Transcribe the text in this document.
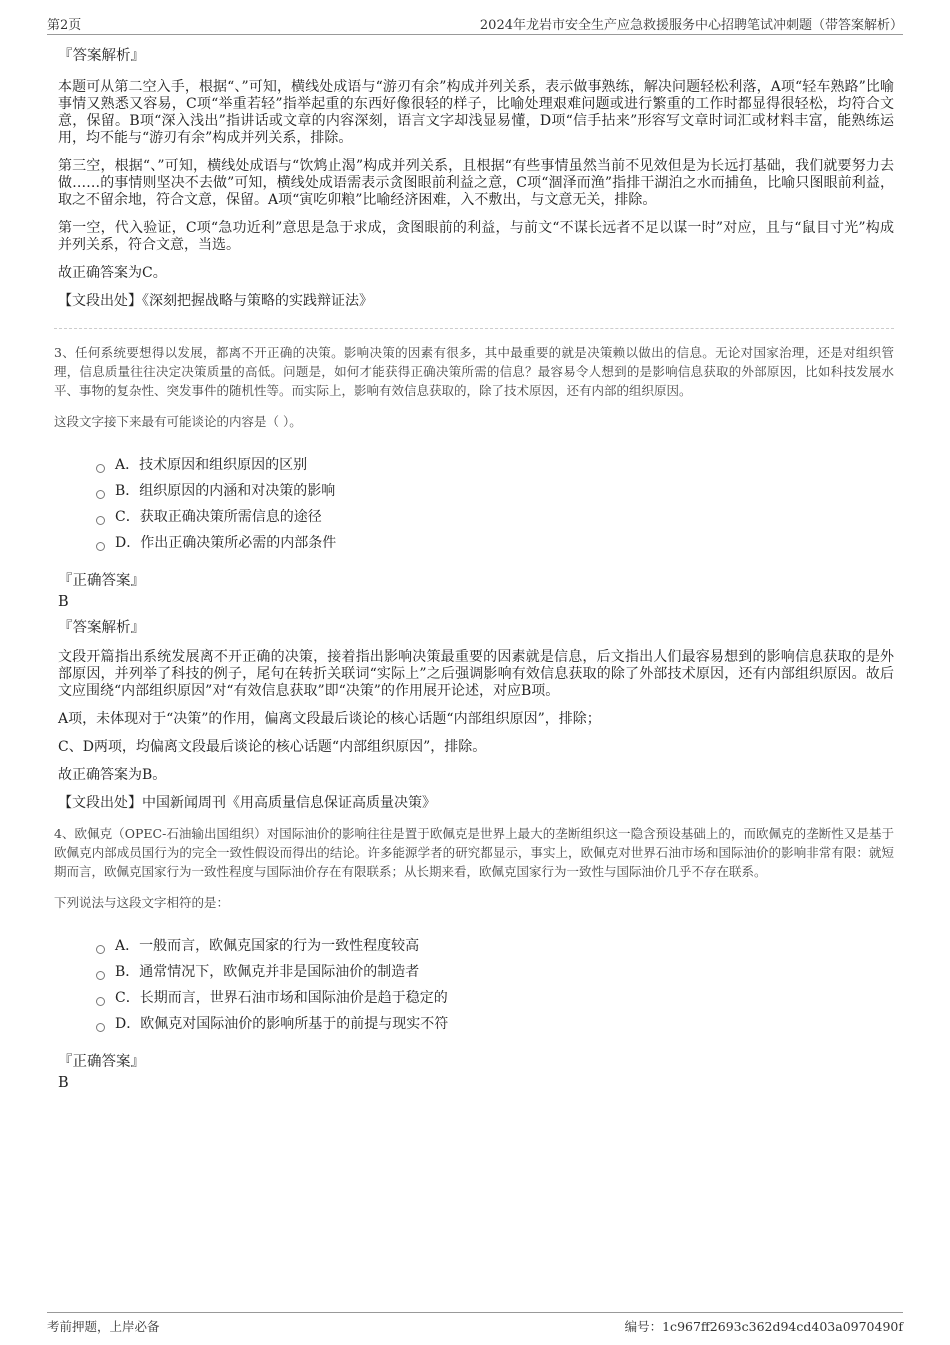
第2页	2024年龙岩市安全生产应急救援服务中心招聘笔试冲刺题（带答案解析）
『答案解析』

本题可从第二空入手，根据“、”可知，横线处成语与“游刃有余”构成并列关系，表示做事熟练，解决问题轻松利落，A项“轻车熟路”比喻事情又熟悉又容易，C项“举重若轻”指举起重的东西好像很轻的样子，比喻处理艰难问题或进行繁重的工作时都显得很轻松，均符合文意，保留。B项“深入浅出”指讲话或文章的内容深刻，语言文字却浅显易懂，D项“信手拈来”形容写文章时词汇或材料丰富，能熟练运用，均不能与“游刃有余”构成并列关系，排除。

第三空，根据“、”可知，横线处成语与“饮鸩止渴”构成并列关系，且根据“有些事情虽然当前不见效但是为长远打基础，我们就要努力去做……的事情则坚决不去做”可知，横线处成语需表示贪图眼前利益之意，C项“涸泽而渔”指排干湖泊之水而捕鱼，比喻只图眼前利益，取之不留余地，符合文意，保留。A项“寅吃卯粮”比喻经济困难，入不敷出，与文意无关，排除。

第一空，代入验证，C项“急功近利”意思是急于求成，贪图眼前的利益，与前文“不谋长远者不足以谋一时”对应，且与“鼠目寸光”构成并列关系，符合文意，当选。

故正确答案为C。

【文段出处】《深刻把握战略与策略的实践辩证法》

3、任何系统要想得以发展，都离不开正确的决策。影响决策的因素有很多，其中最重要的就是决策赖以做出的信息。无论对国家治理，还是对组织管理，信息质量往往决定决策质量的高低。问题是，如何才能获得正确决策所需的信息？最容易令人想到的是影响信息获取的外部原因，比如科技发展水平、事物的复杂性、突发事件的随机性等。而实际上，影响有效信息获取的，除了技术原因，还有内部的组织原因。

这段文字接下来最有可能谈论的内容是（ ）。

A．技术原因和组织原因的区别
B．组织原因的内涵和对决策的影响
C．获取正确决策所需信息的途径
D．作出正确决策所必需的内部条件
『正确答案』
B
『答案解析』

文段开篇指出系统发展离不开正确的决策，接着指出影响决策最重要的因素就是信息，后文指出人们最容易想到的影响信息获取的是外部原因，并列举了科技的例子，尾句在转折关联词“实际上”之后强调影响有效信息获取的除了外部技术原因，还有内部组织原因。故后文应围绕“内部组织原因”对“有效信息获取”即“决策”的作用展开论述，对应B项。

A项，未体现对于“决策”的作用，偏离文段最后谈论的核心话题“内部组织原因”，排除；

C、D两项，均偏离文段最后谈论的核心话题“内部组织原因”，排除。

故正确答案为B。

【文段出处】中国新闻周刊《用高质量信息保证高质量决策》

4、欧佩克（OPEC-石油输出国组织）对国际油价的影响往往是置于欧佩克是世界上最大的垄断组织这一隐含预设基础上的，而欧佩克的垄断性又是基于欧佩克内部成员国行为的完全一致性假设而得出的结论。许多能源学者的研究都显示，事实上，欧佩克对世界石油市场和国际油价的影响非常有限：就短期而言，欧佩克国家行为一致性程度与国际油价存在有限联系；从长期来看，欧佩克国家行为一致性与国际油价几乎不存在联系。

下列说法与这段文字相符的是：

A．一般而言，欧佩克国家的行为一致性程度较高
B．通常情况下，欧佩克并非是国际油价的制造者
C．长期而言，世界石油市场和国际油价是趋于稳定的
D．欧佩克对国际油价的影响所基于的前提与现实不符
『正确答案』
B
考前押题，上岸必备	编号：1c967ff2693c362d94cd403a0970490f
